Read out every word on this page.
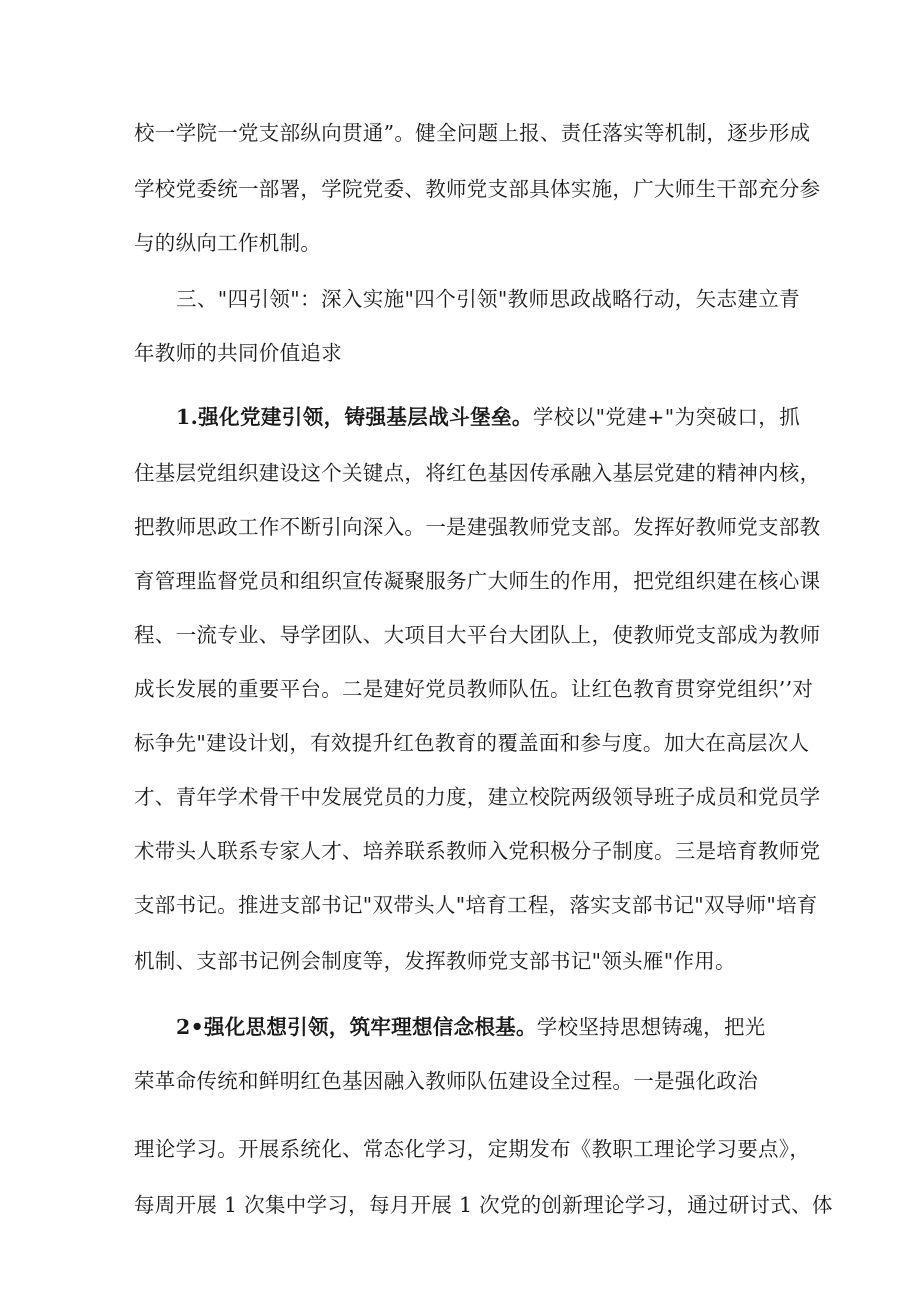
校一学院一党支部纵向贯通”。健全问题上报、责任落实等机制，逐步形成
学校党委统一部署，学院党委、教师党支部具体实施，广大师生干部充分参
与的纵向工作机制。
三、"四引领"：深入实施"四个引领"教师思政战略行动，矢志建立青
年教师的共同价值追求
1.强化党建引领，铸强基层战斗堡垒。学校以"党建+"为突破口，抓
住基层党组织建设这个关键点，将红色基因传承融入基层党建的精神内核，
把教师思政工作不断引向深入。一是建强教师党支部。发挥好教师党支部教
育管理监督党员和组织宣传凝聚服务广大师生的作用，把党组织建在核心课
程、一流专业、导学团队、大项目大平台大团队上，使教师党支部成为教师
成长发展的重要平台。二是建好党员教师队伍。让红色教育贯穿党组织’’对
标争先"建设计划，有效提升红色教育的覆盖面和参与度。加大在高层次人
才、青年学术骨干中发展党员的力度，建立校院两级领导班子成员和党员学
术带头人联系专家人才、培养联系教师入党积极分子制度。三是培育教师党
支部书记。推进支部书记"双带头人"培育工程，落实支部书记"双导师"培育
机制、支部书记例会制度等，发挥教师党支部书记"领头雁"作用。
2•强化思想引领，筑牢理想信念根基。学校坚持思想铸魂，把光
荣革命传统和鲜明红色基因融入教师队伍建设全过程。一是强化政治
理论学习。开展系统化、常态化学习，定期发布《教职工理论学习要点》，
每周开展 1 次集中学习，每月开展 1 次党的创新理论学习，通过研讨式、体
